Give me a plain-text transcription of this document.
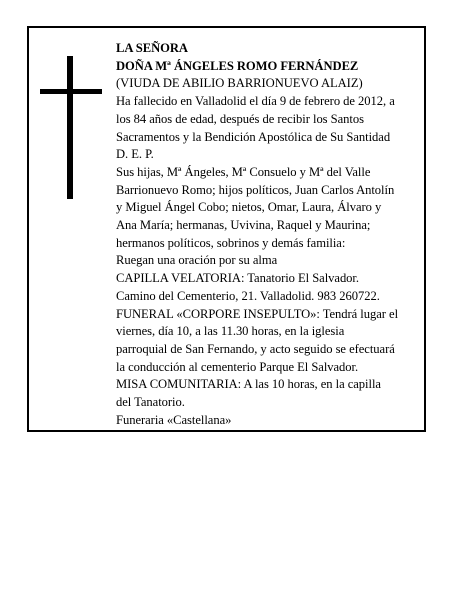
LA SEÑORA
DOÑA Mª ÁNGELES ROMO FERNÁNDEZ
(VIUDA DE ABILIO BARRIONUEVO ALAIZ)
Ha fallecido en Valladolid el día 9 de febrero de 2012, a
los 84 años de edad, después de recibir los Santos
Sacramentos y la Bendición Apostólica de Su Santidad
D. E. P.
Sus hijas, Mª Ángeles, Mª Consuelo y Mª del Valle
Barrionuevo Romo; hijos políticos, Juan Carlos Antolín
y Miguel Ángel Cobo; nietos, Omar, Laura, Álvaro y
Ana María; hermanas, Uvivina, Raquel y Maurina;
hermanos políticos, sobrinos y demás familia:
Ruegan una oración por su alma
CAPILLA VELATORIA: Tanatorio El Salvador.
Camino del Cementerio, 21. Valladolid. 983 260722.
FUNERAL «CORPORE INSEPULTO»: Tendrá lugar el
viernes, día 10, a las 11.30 horas, en la iglesia
parroquial de San Fernando, y acto seguido se efectuará
la conducción al cementerio Parque El Salvador.
MISA COMUNITARIA: A las 10 horas, en la capilla
del Tanatorio.
Funeraria «Castellana»
